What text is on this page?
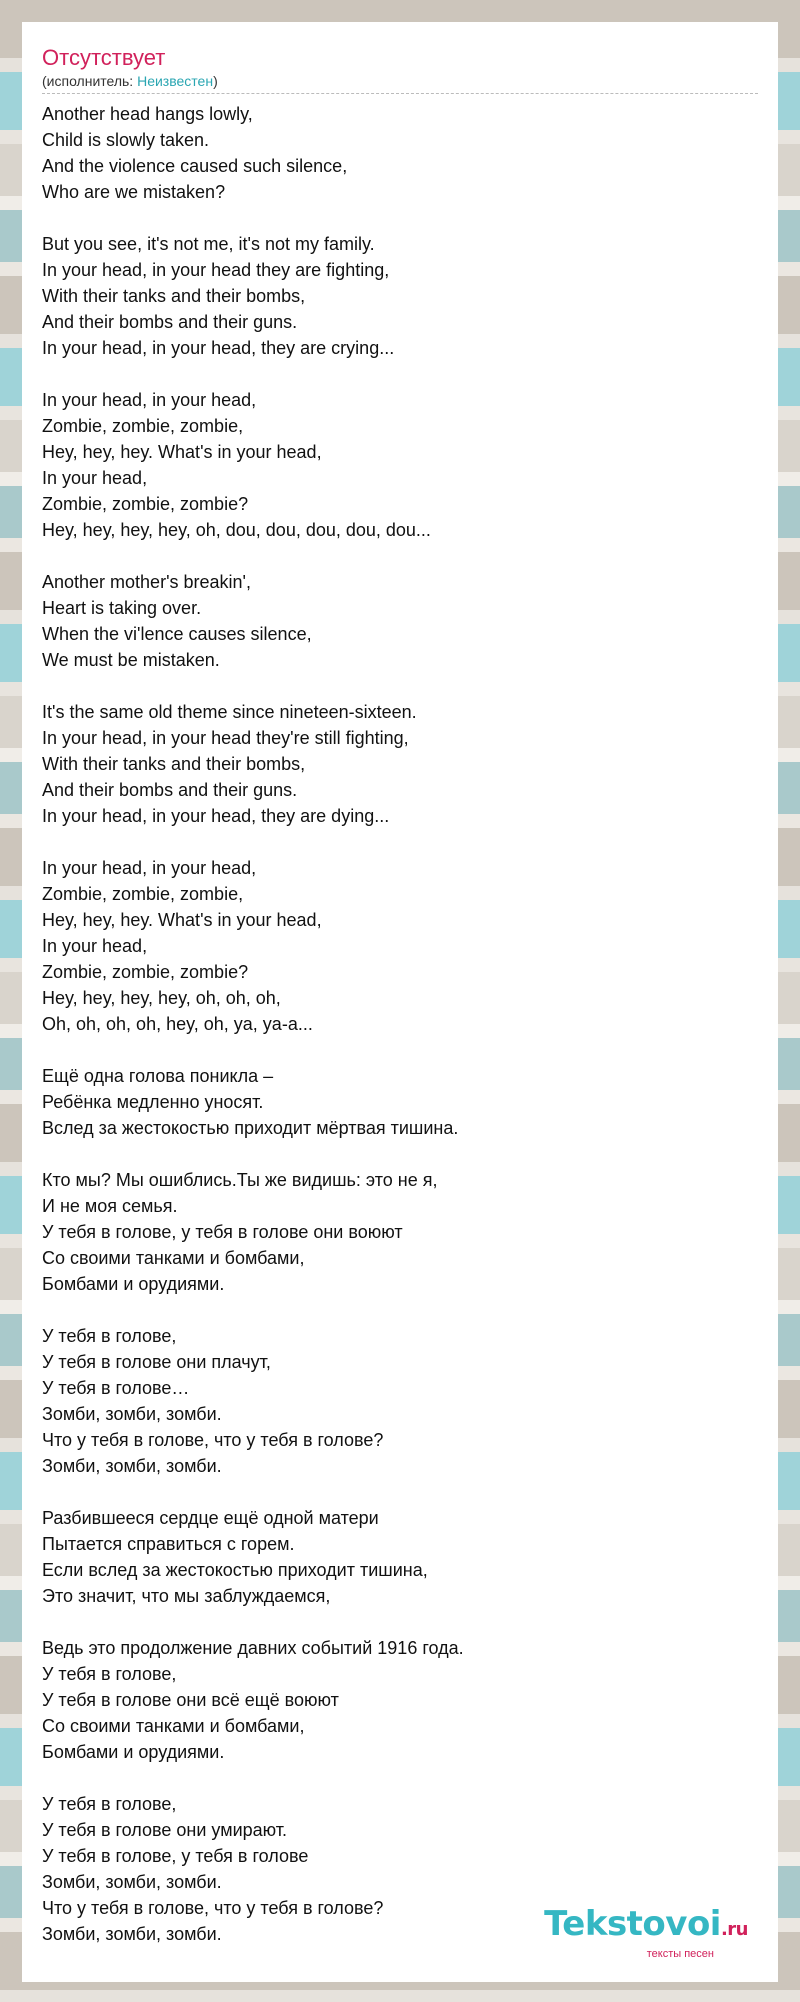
Отсутствует
(исполнитель: Неизвестен)
Another head hangs lowly,
Child is slowly taken.
And the violence caused such silence,
Who are we mistaken?
But you see, it's not me, it's not my family.
In your head, in your head they are fighting,
With their tanks and their bombs,
And their bombs and their guns.
In your head, in your head, they are crying...
In your head, in your head,
Zombie, zombie, zombie,
Hey, hey, hey. What's in your head,
In your head,
Zombie, zombie, zombie?
Hey, hey, hey, hey, oh, dou, dou, dou, dou, dou...
Another mother's breakin',
Heart is taking over.
When the vi'lence causes silence,
We must be mistaken.
It's the same old theme since nineteen-sixteen.
In your head, in your head they're still fighting,
With their tanks and their bombs,
And their bombs and their guns.
In your head, in your head, they are dying...
In your head, in your head,
Zombie, zombie, zombie,
Hey, hey, hey. What's in your head,
In your head,
Zombie, zombie, zombie?
Hey, hey, hey, hey, oh, oh, oh,
Oh, oh, oh, oh, hey, oh, ya, ya-a...
Ещё одна голова поникла –
Ребёнка медленно уносят.
Вслед за жестокостью приходит мёртвая тишина.
Кто мы? Мы ошиблись.Ты же видишь: это не я,
И не моя семья.
У тебя в голове, у тебя в голове они воюют
Со своими танками и бомбами,
Бомбами и орудиями.
У тебя в голове,
У тебя в голове они плачут,
У тебя в голове…
Зомби, зомби, зомби.
Что у тебя в голове, что у тебя в голове?
Зомби, зомби, зомби.
Разбившееся сердце ещё одной матери
Пытается справиться с горем.
Если вслед за жестокостью приходит тишина,
Это значит, что мы заблуждаемся,
Ведь это продолжение давних событий 1916 года.
У тебя в голове,
У тебя в голове они всё ещё воюют
Со своими танками и бомбами,
Бомбами и орудиями.
У тебя в голове,
У тебя в голове они умирают.
У тебя в голове, у тебя в голове
Зомби, зомби, зомби.
Что у тебя в голове, что у тебя в голове?
Зомби, зомби, зомби.	Tekstovoi.ru
тексты песен
